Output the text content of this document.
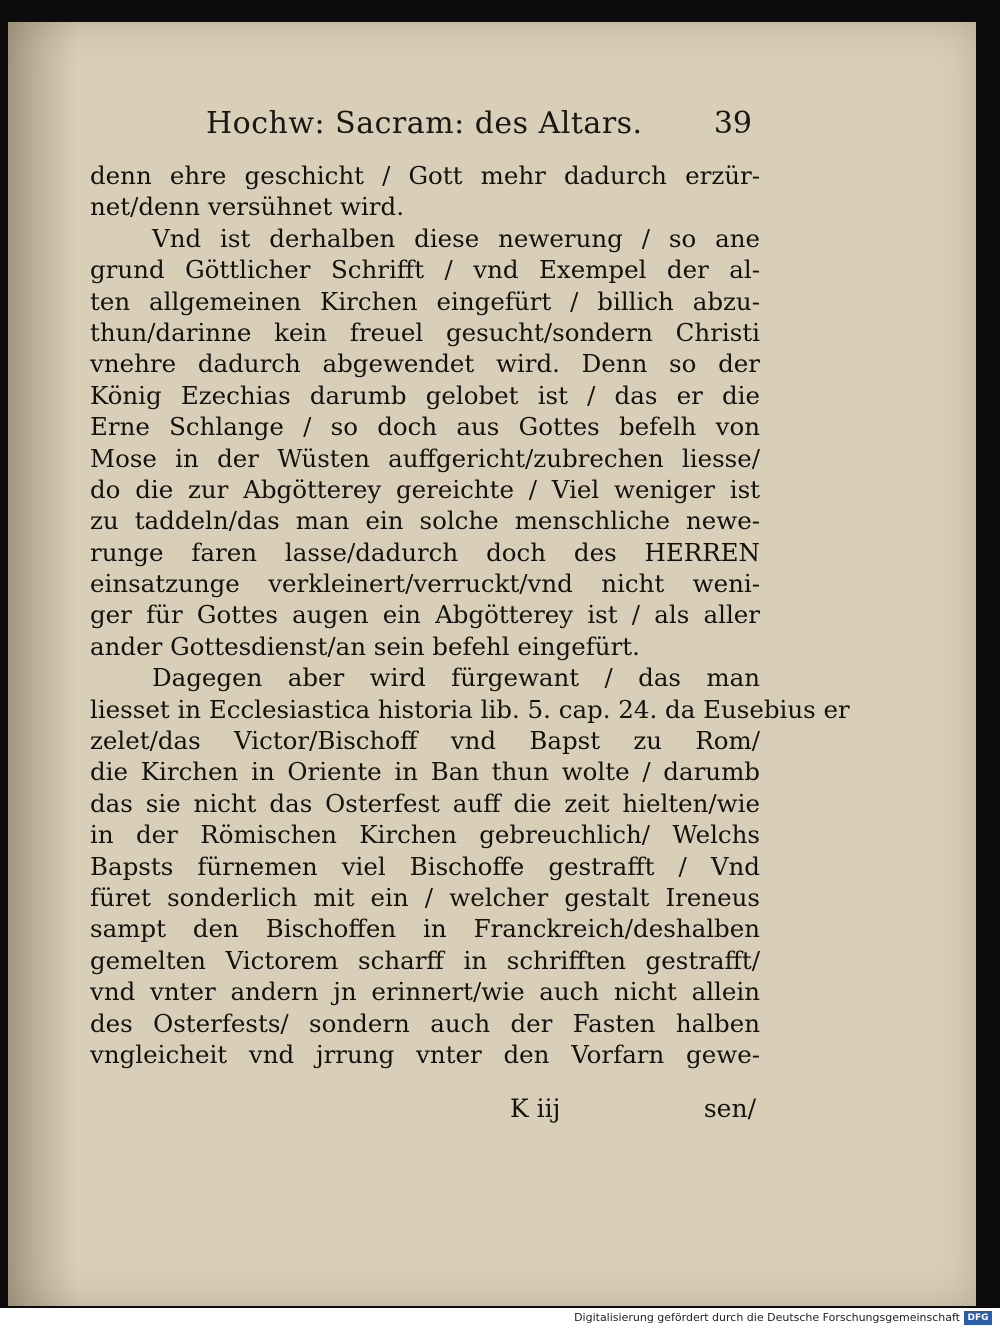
Hochw: Sacram: des Altars. 39
denn ehre geschicht / Gott mehr dadurch erzür-
net/denn versühnet wird.
Vnd ist derhalben diese newerung / so ane
grund Göttlicher Schrifft / vnd Exempel der al-
ten allgemeinen Kirchen eingefürt / billich abzu-
thun/darinne kein freuel gesucht/sondern Christi
vnehre dadurch abgewendet wird. Denn so der
König Ezechias darumb gelobet ist / das er die
Erne Schlange / so doch aus Gottes befelh von
Mose in der Wüsten auffgericht/zubrechen liesse/
do die zur Abgötterey gereichte / Viel weniger ist
zu taddeln/das man ein solche menschliche newe-
runge faren lasse/dadurch doch des HERREN
einsatzunge verkleinert/verruckt/vnd nicht weni-
ger für Gottes augen ein Abgötterey ist / als aller
ander Gottesdienst/an sein befehl eingefürt.
Dagegen aber wird fürgewant / das man
liesset in Ecclesiastica historia lib. 5. cap. 24. da Eusebius er
zelet/das Victor/Bischoff vnd Bapst zu Rom/
die Kirchen in Oriente in Ban thun wolte / darumb
das sie nicht das Osterfest auff die zeit hielten/wie
in der Römischen Kirchen gebreuchlich/ Welchs
Bapsts fürnemen viel Bischoffe gestrafft / Vnd
füret sonderlich mit ein / welcher gestalt Ireneus
sampt den Bischoffen in Franckreich/deshalben
gemelten Victorem scharff in schrifften gestrafft/
vnd vnter andern jn erinnert/wie auch nicht allein
des Osterfests/ sondern auch der Fasten halben
vngleicheit vnd jrrung vnter den Vorfarn gewe-
K iij	sen/
Digitalisierung gefördert durch die Deutsche Forschungsgemeinschaft DFG
